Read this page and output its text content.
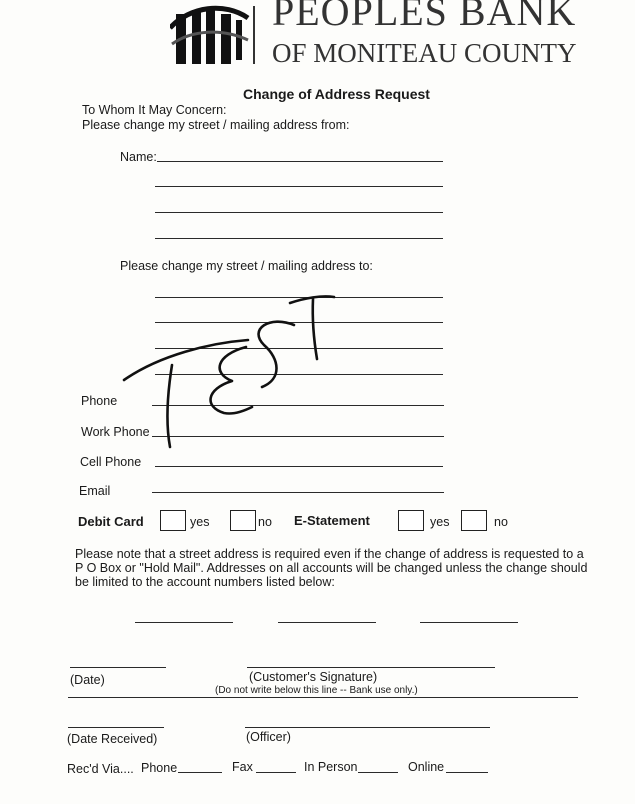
PEOPLES BANK
OF MONITEAU COUNTY
Change of Address Request
To Whom It May Concern:
Please change my street / mailing address from:
Name:
Please change my street / mailing address to:
Phone
Work Phone
Cell Phone
Email
Debit Card	yes	no E-Statement	yes	no
Please note that a street address is required even if the change of address is requested to a P O Box or "Hold Mail". Addresses on all accounts will be changed unless the change should be limited to the account numbers listed below:
(Date)	(Customer's Signature)
(Do not write below this line -- Bank use only.)
(Date Received)	(Officer)
Rec'd Via.... Phone	Fax	In Person	Online
